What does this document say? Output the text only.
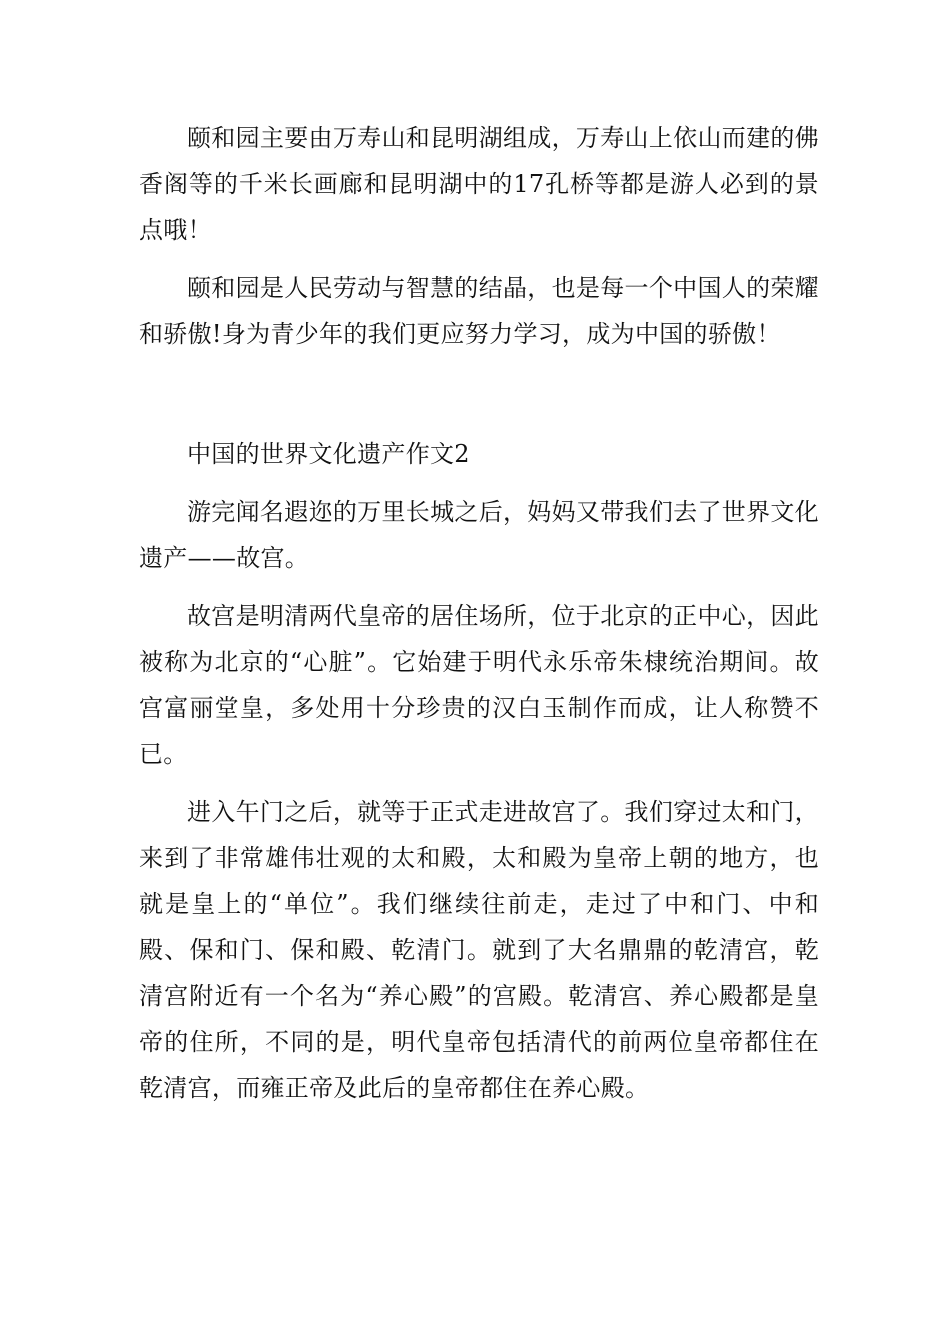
颐和园主要由万寿山和昆明湖组成，万寿山上依山而建的佛香阁等的千米长画廊和昆明湖中的17孔桥等都是游人必到的景点哦！

颐和园是人民劳动与智慧的结晶，也是每一个中国人的荣耀和骄傲!身为青少年的我们更应努力学习，成为中国的骄傲！

中国的世界文化遗产作文2

游完闻名遐迩的万里长城之后，妈妈又带我们去了世界文化遗产——故宫。

故宫是明清两代皇帝的居住场所，位于北京的正中心，因此被称为北京的“心脏”。它始建于明代永乐帝朱棣统治期间。故宫富丽堂皇，多处用十分珍贵的汉白玉制作而成，让人称赞不已。

进入午门之后，就等于正式走进故宫了。我们穿过太和门，来到了非常雄伟壮观的太和殿，太和殿为皇帝上朝的地方，也就是皇上的“单位”。我们继续往前走，走过了中和门、中和殿、保和门、保和殿、乾清门。就到了大名鼎鼎的乾清宫，乾清宫附近有一个名为“养心殿”的宫殿。乾清宫、养心殿都是皇帝的住所，不同的是，明代皇帝包括清代的前两位皇帝都住在乾清宫，而雍正帝及此后的皇帝都住在养心殿。
